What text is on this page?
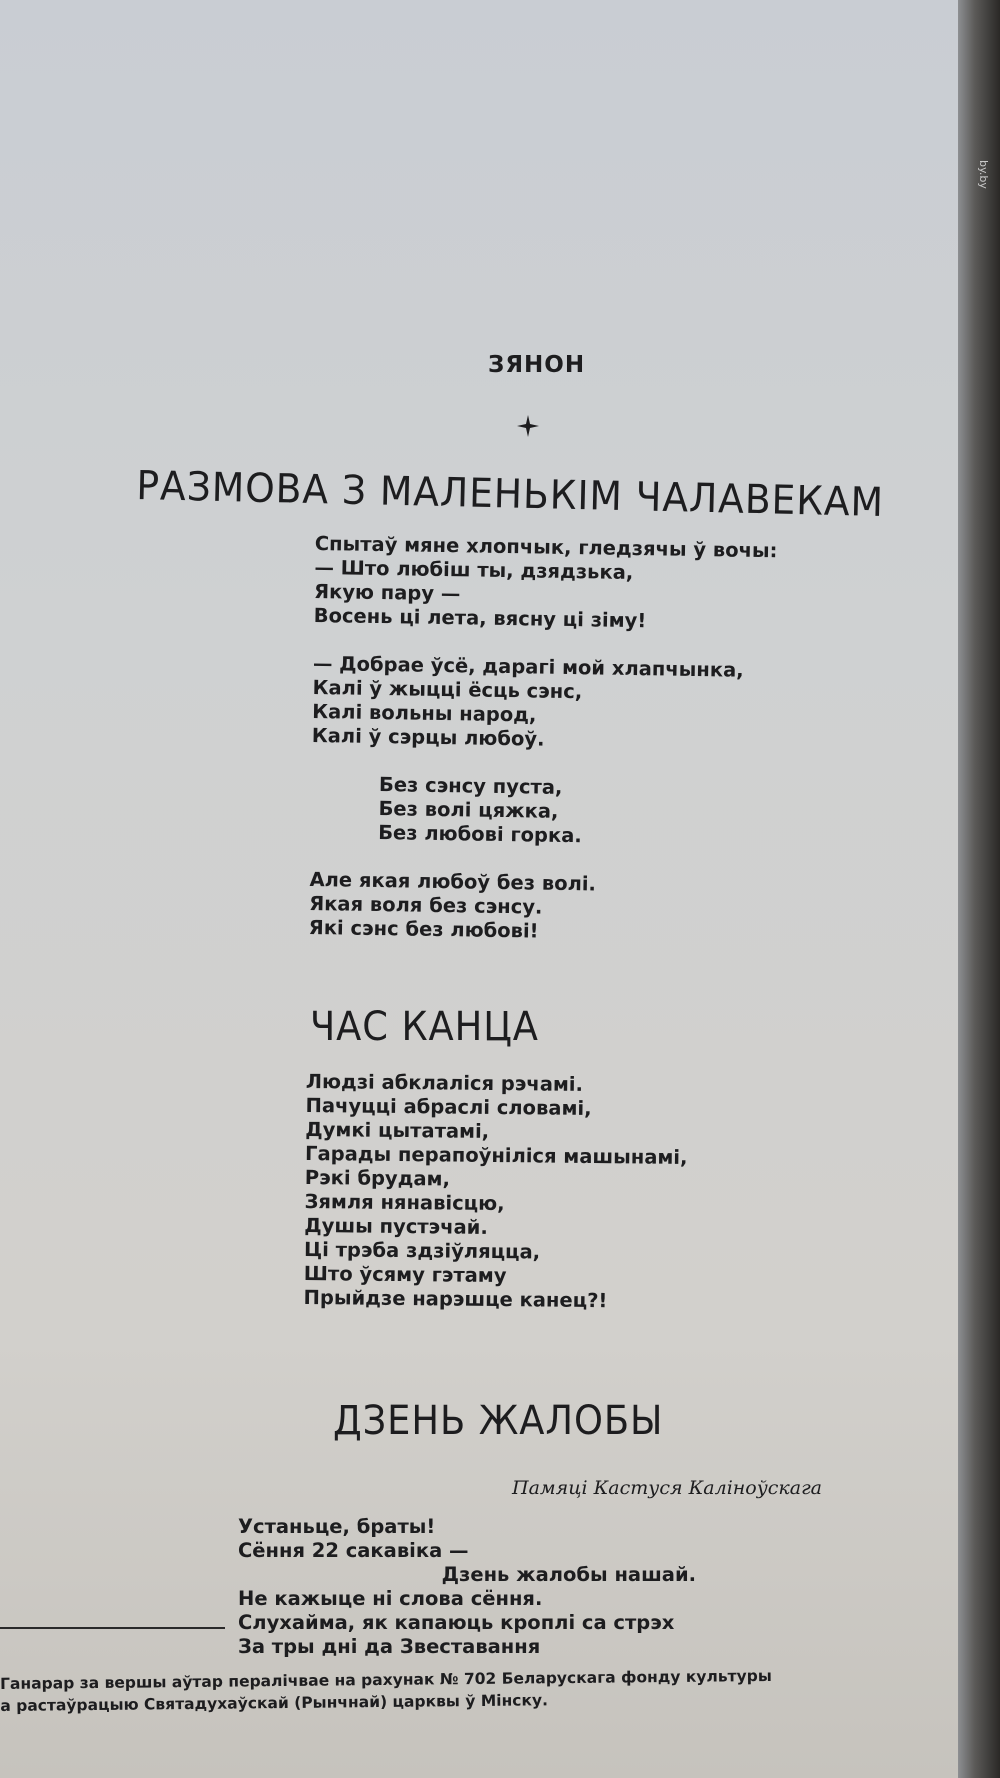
ЗЯНОН
РАЗМОВА З МАЛЕНЬКІМ ЧАЛАВЕКАМ
Спытаў мяне хлопчык, гледзячы ў вочы:
— Што любіш ты, дзядзька,
Якую пару —
Восень ці лета, вясну ці зіму!

— Добрае ўсё, дарагі мой хлапчынка,
Калі ў жыцці ёсць сэнс,
Калі вольны народ,
Калі ў сэрцы любоў.

Без сэнсу пуста,
Без волі цяжка,
Без любові горка.

Але якая любоў без волі.
Якая воля без сэнсу.
Які сэнс без любові!
ЧАС КАНЦА
Людзі абклаліся рэчамі.
Пачуцці абраслі словамі,
Думкі цытатамі,
Гарады перапоўніліся машынамі,
Рэкі брудам,
Зямля нянавісцю,
Душы пустэчай.
Ці трэба здзіўляцца,
Што ўсяму гэтаму
Прыйдзе нарэшце канец?!
ДЗЕНЬ ЖАЛОБЫ
Памяці Кастуся Каліноўскага
Устаньце, браты!
Сёння 22 сакавіка —
Дзень жалобы нашай.
Не кажыце ні слова сёння.
Слухайма, як капаюць кроплі са стрэх
За тры дні да Звеставання
Ганарар за вершы аўтар пералічвае на рахунак № 702 Беларускага фонду культуры
а растаўрацыю Святадухаўскай (Рынчнай) царквы ў Мінску.
by.by
